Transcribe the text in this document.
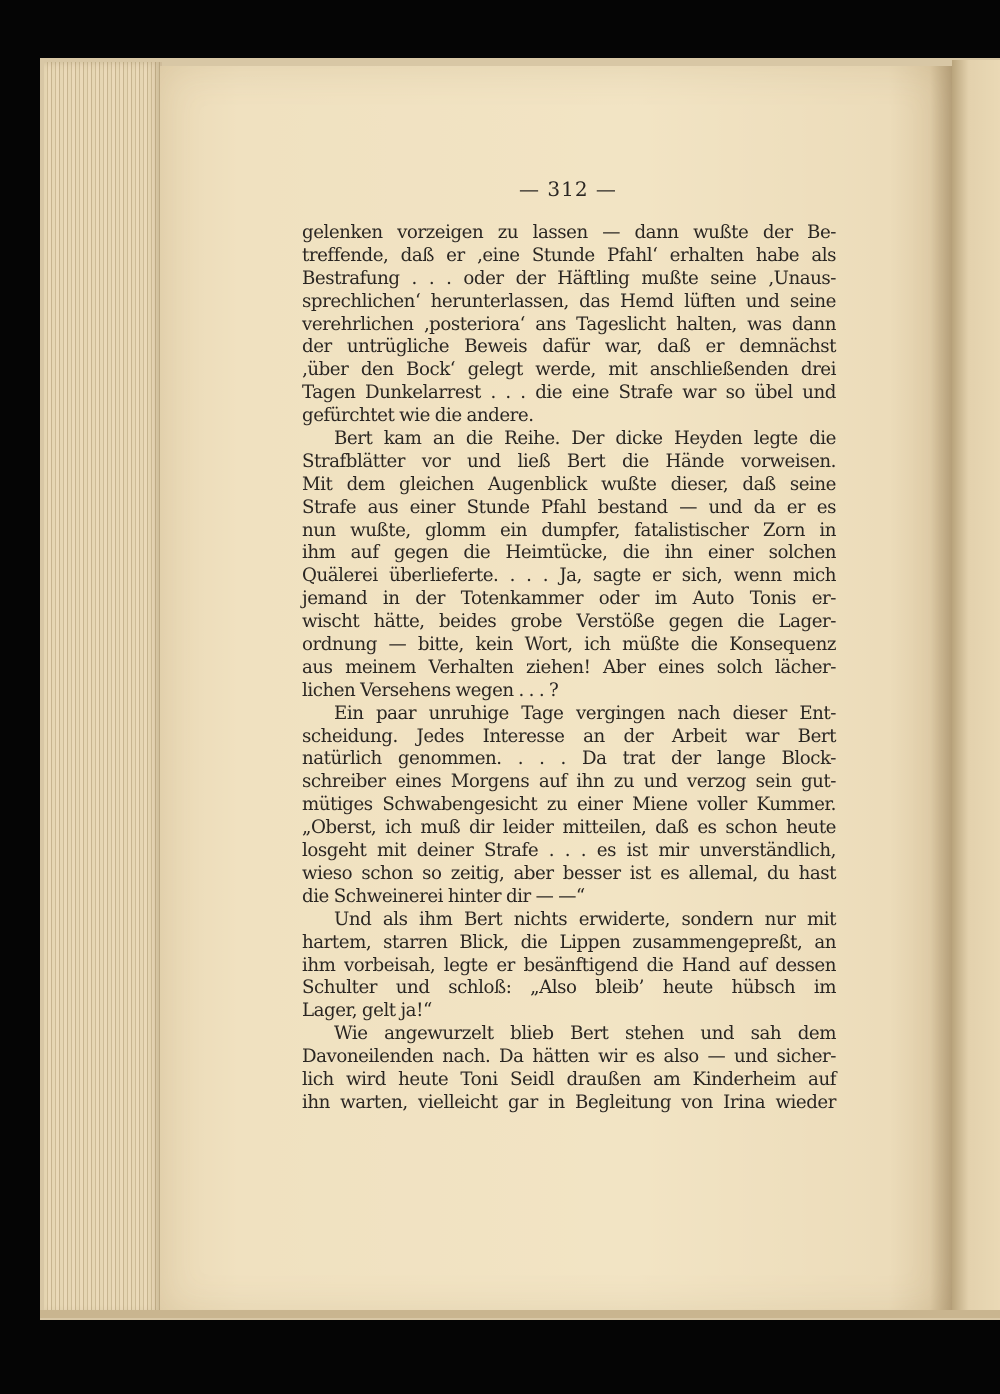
— 312 —
gelenken vorzeigen zu lassen — dann wußte der Be-
treffende, daß er ‚eine Stunde Pfahl‘ erhalten habe als
Bestrafung . . . oder der Häftling mußte seine ‚Unaus-
sprechlichen‘ herunterlassen, das Hemd lüften und seine
verehrlichen ‚posteriora‘ ans Tageslicht halten, was dann
der untrügliche Beweis dafür war, daß er demnächst
‚über den Bock‘ gelegt werde, mit anschließenden drei
Tagen Dunkelarrest . . . die eine Strafe war so übel und
gefürchtet wie die andere.
Bert kam an die Reihe. Der dicke Heyden legte die
Strafblätter vor und ließ Bert die Hände vorweisen.
Mit dem gleichen Augenblick wußte dieser, daß seine
Strafe aus einer Stunde Pfahl bestand — und da er es
nun wußte, glomm ein dumpfer, fatalistischer Zorn in
ihm auf gegen die Heimtücke, die ihn einer solchen
Quälerei überlieferte. . . . Ja, sagte er sich, wenn mich
jemand in der Totenkammer oder im Auto Tonis er-
wischt hätte, beides grobe Verstöße gegen die Lager-
ordnung — bitte, kein Wort, ich müßte die Konsequenz
aus meinem Verhalten ziehen! Aber eines solch lächer-
lichen Versehens wegen . . . ?
Ein paar unruhige Tage vergingen nach dieser Ent-
scheidung. Jedes Interesse an der Arbeit war Bert
natürlich genommen. . . . Da trat der lange Block-
schreiber eines Morgens auf ihn zu und verzog sein gut-
mütiges Schwabengesicht zu einer Miene voller Kummer.
„Oberst, ich muß dir leider mitteilen, daß es schon heute
losgeht mit deiner Strafe . . . es ist mir unverständlich,
wieso schon so zeitig, aber besser ist es allemal, du hast
die Schweinerei hinter dir — —“
Und als ihm Bert nichts erwiderte, sondern nur mit
hartem, starren Blick, die Lippen zusammengepreßt, an
ihm vorbeisah, legte er besänftigend die Hand auf dessen
Schulter und schloß: „Also bleib’ heute hübsch im
Lager, gelt ja!“
Wie angewurzelt blieb Bert stehen und sah dem
Davoneilenden nach. Da hätten wir es also — und sicher-
lich wird heute Toni Seidl draußen am Kinderheim auf
ihn warten, vielleicht gar in Begleitung von Irina wieder
